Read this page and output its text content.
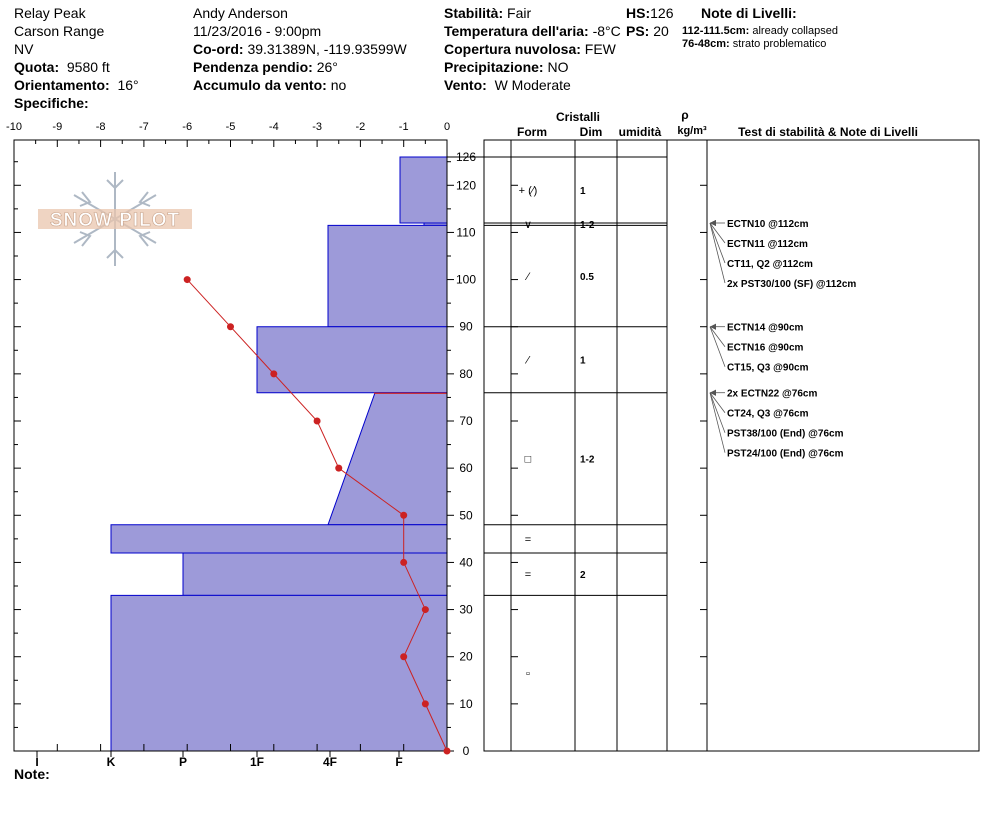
Relay Peak
Carson Range
NV
Quota: 9580 ft
Orientamento: 16°
Specifiche:
Andy Anderson
11/23/2016 - 9:00pm
Co-ord: 39.31389N, -119.93599W
Pendenza pendio: 26°
Accumulo da vento: no
Stabilità: Fair
Temperatura dell'aria: -8°C
Copertura nuvolosa: FEW
Precipitazione: NO
Vento: W Moderate
HS:126
PS: 20
Note di Livelli:
112-111.5cm: already collapsed
76-48cm: strato problematico
Note:
SNOW PILOT
-10	-9	-8	-7	-6	-5	-4	-3	-2	-1	0
0
10
20
30
40
50
60
70
80
90
100
110
120
126
I	K	P	1F	4F	F
Cristalli
Form	Dim umidità
ρ
kg/m³	Test di stabilità & Note di Livelli
+ (⁄)	1
∨	1-2
⁄	0.5
⁄	1
□	1-2
=
=	2
▫
2x ECTN22 @76cm
CT24, Q3 @76cm
PST38/100 (End) @76cm
PST24/100 (End) @76cm
ECTN14 @90cm
ECTN16 @90cm
CT15, Q3 @90cm
ECTN10 @112cm
ECTN11 @112cm
CT11, Q2 @112cm
2x PST30/100 (SF) @112cm
